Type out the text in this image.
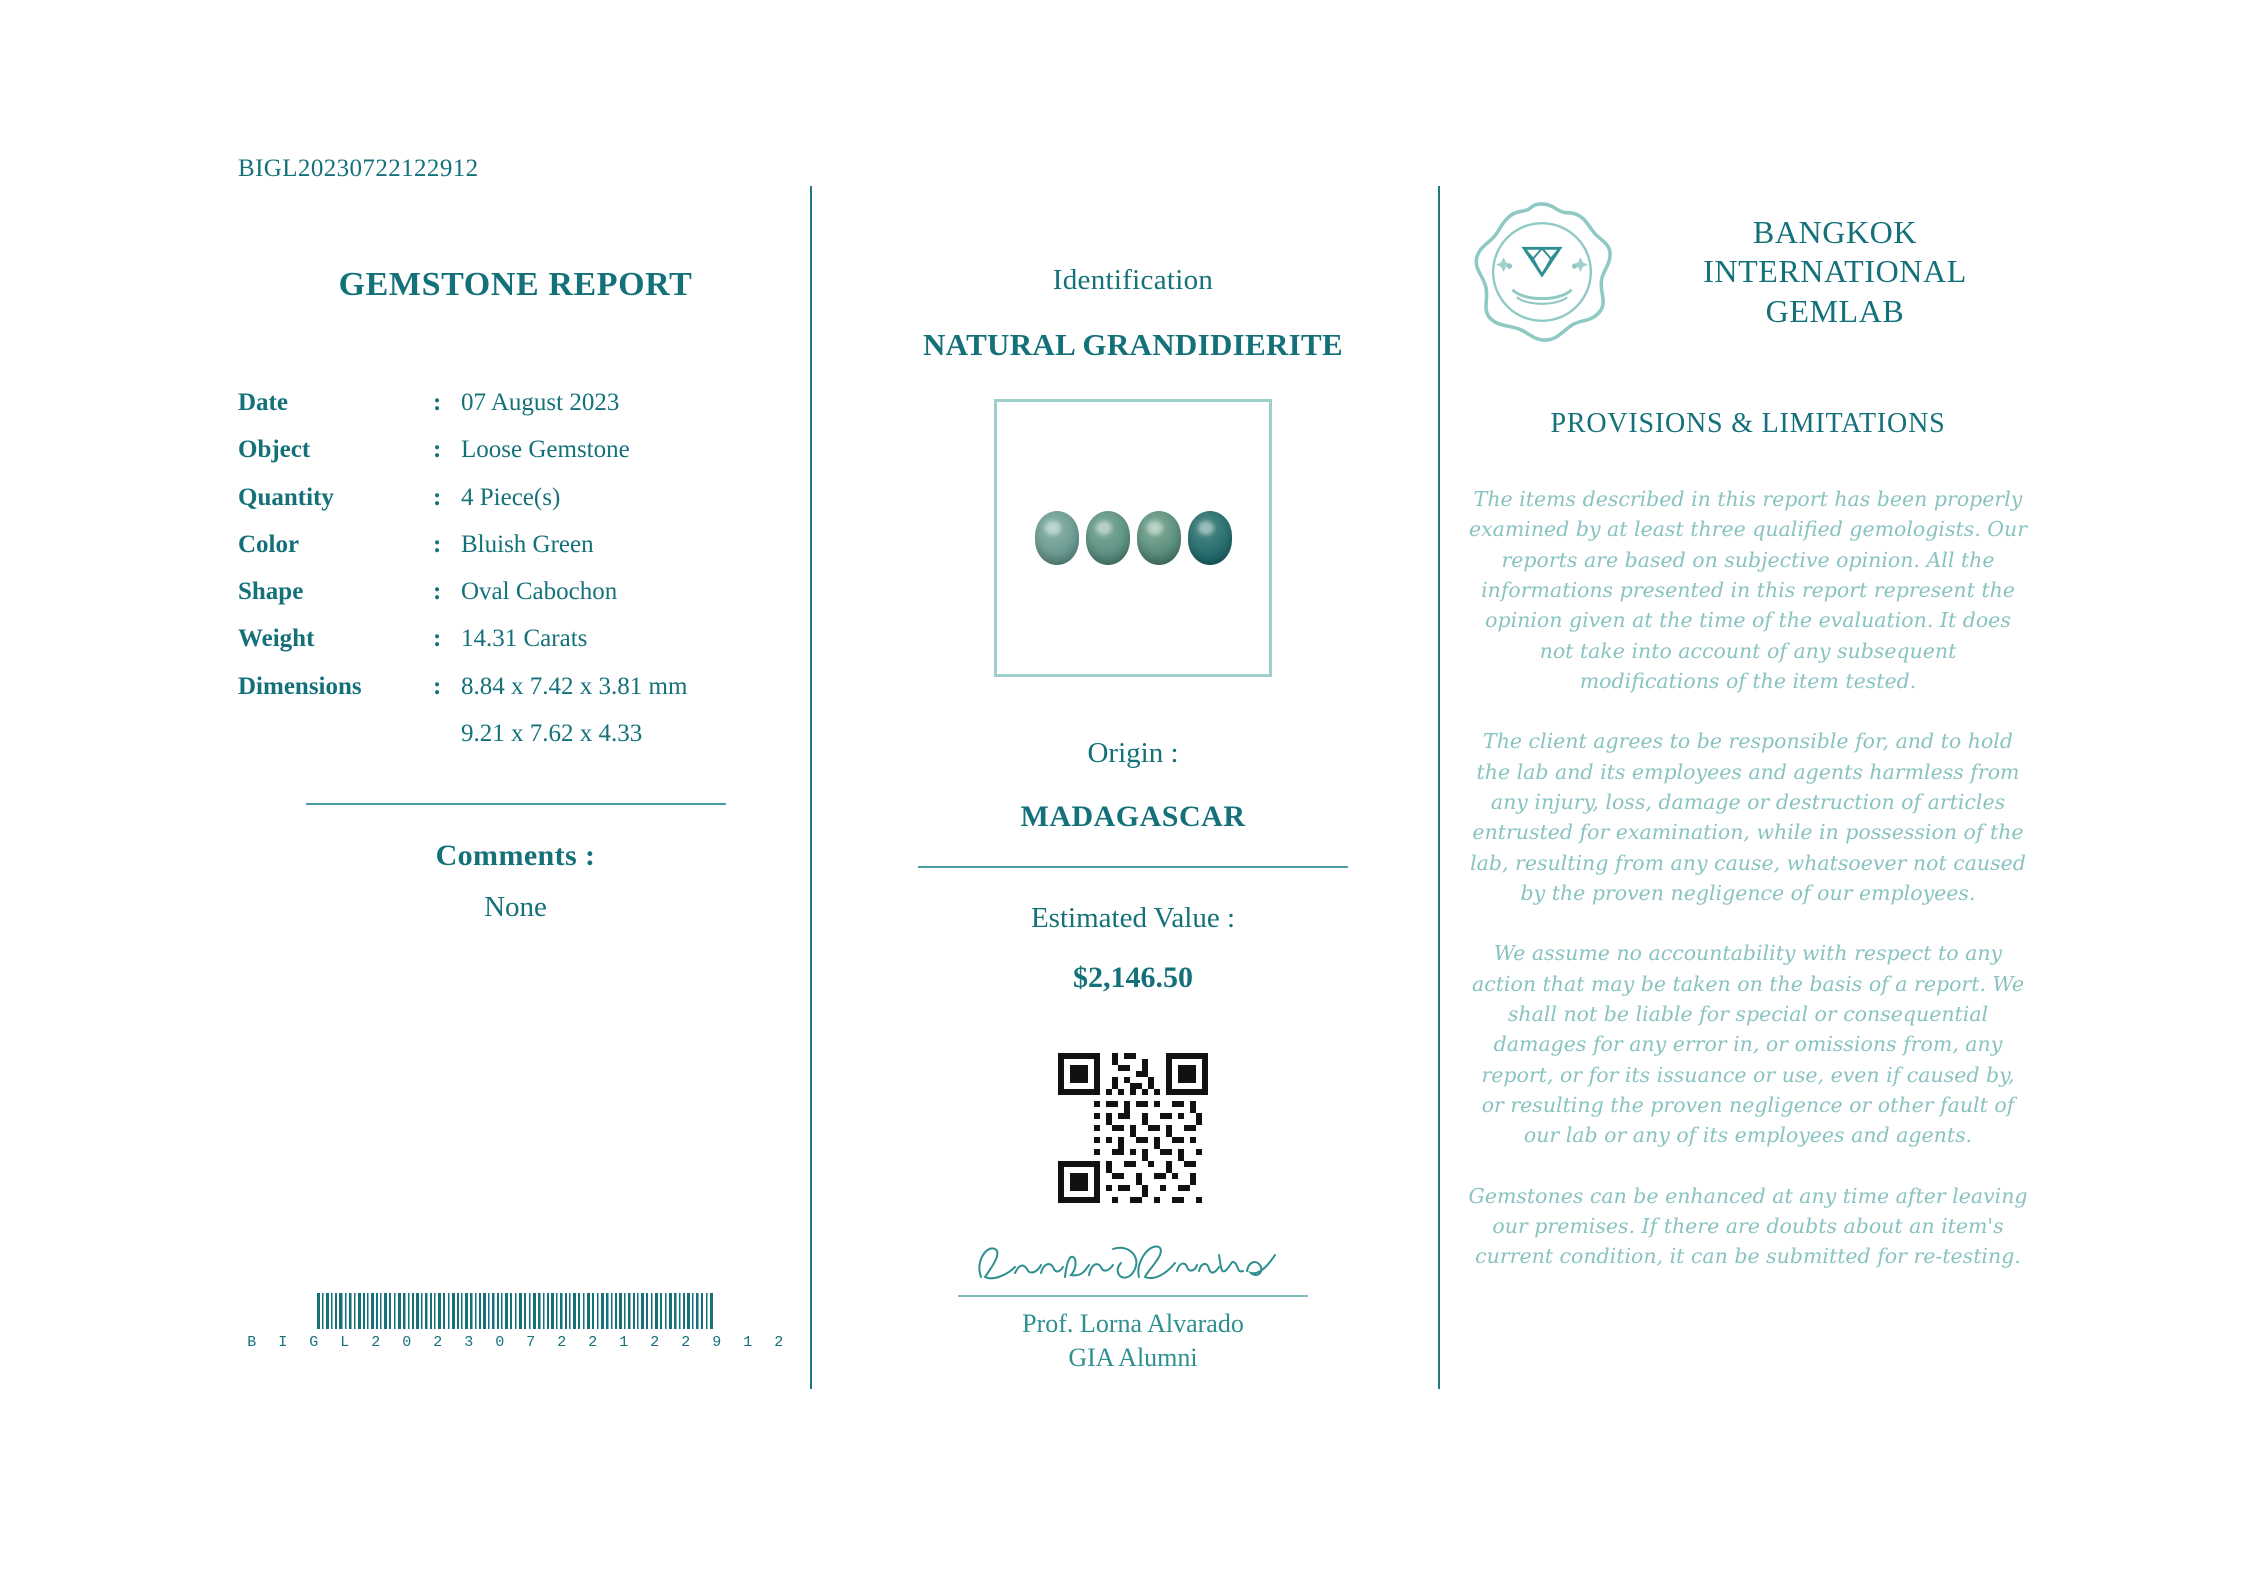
BIGL20230722122912
GEMSTONE REPORT
Date	:	07 August 2023
Object	:	Loose Gemstone
Quantity	:	4 Piece(s)
Color	:	Bluish Green
Shape	:	Oval Cabochon
Weight	:	14.31 Carats
Dimensions	:	8.84 x 7.42 x 3.81 mm
		9.21 x 7.62 x 4.33
Comments :
None
B I G L 2 0 2 3 0 7 2 2 1 2 2 9 1 2
Identification
NATURAL GRANDIDIERITE
Origin :
MADAGASCAR
Estimated Value :
$2,146.50
Prof. Lorna Alvarado
GIA Alumni
BANGKOK INTERNATIONAL GEMLAB
PROVISIONS & LIMITATIONS

The items described in this report has been properly examined by at least three qualified gemologists. Our reports are based on subjective opinion. All the informations presented in this report represent the opinion given at the time of the evaluation. It does not take into account of any subsequent modifications of the item tested.

The client agrees to be responsible for, and to hold the lab and its employees and agents harmless from any injury, loss, damage or destruction of articles entrusted for examination, while in possession of the lab, resulting from any cause, whatsoever not caused by the proven negligence of our employees.

We assume no accountability with respect to any action that may be taken on the basis of a report. We shall not be liable for special or consequential damages for any error in, or omissions from, any report, or for its issuance or use, even if caused by, or resulting the proven negligence or other fault of our lab or any of its employees and agents.

Gemstones can be enhanced at any time after leaving our premises. If there are doubts about an item's current condition, it can be submitted for re-testing.
